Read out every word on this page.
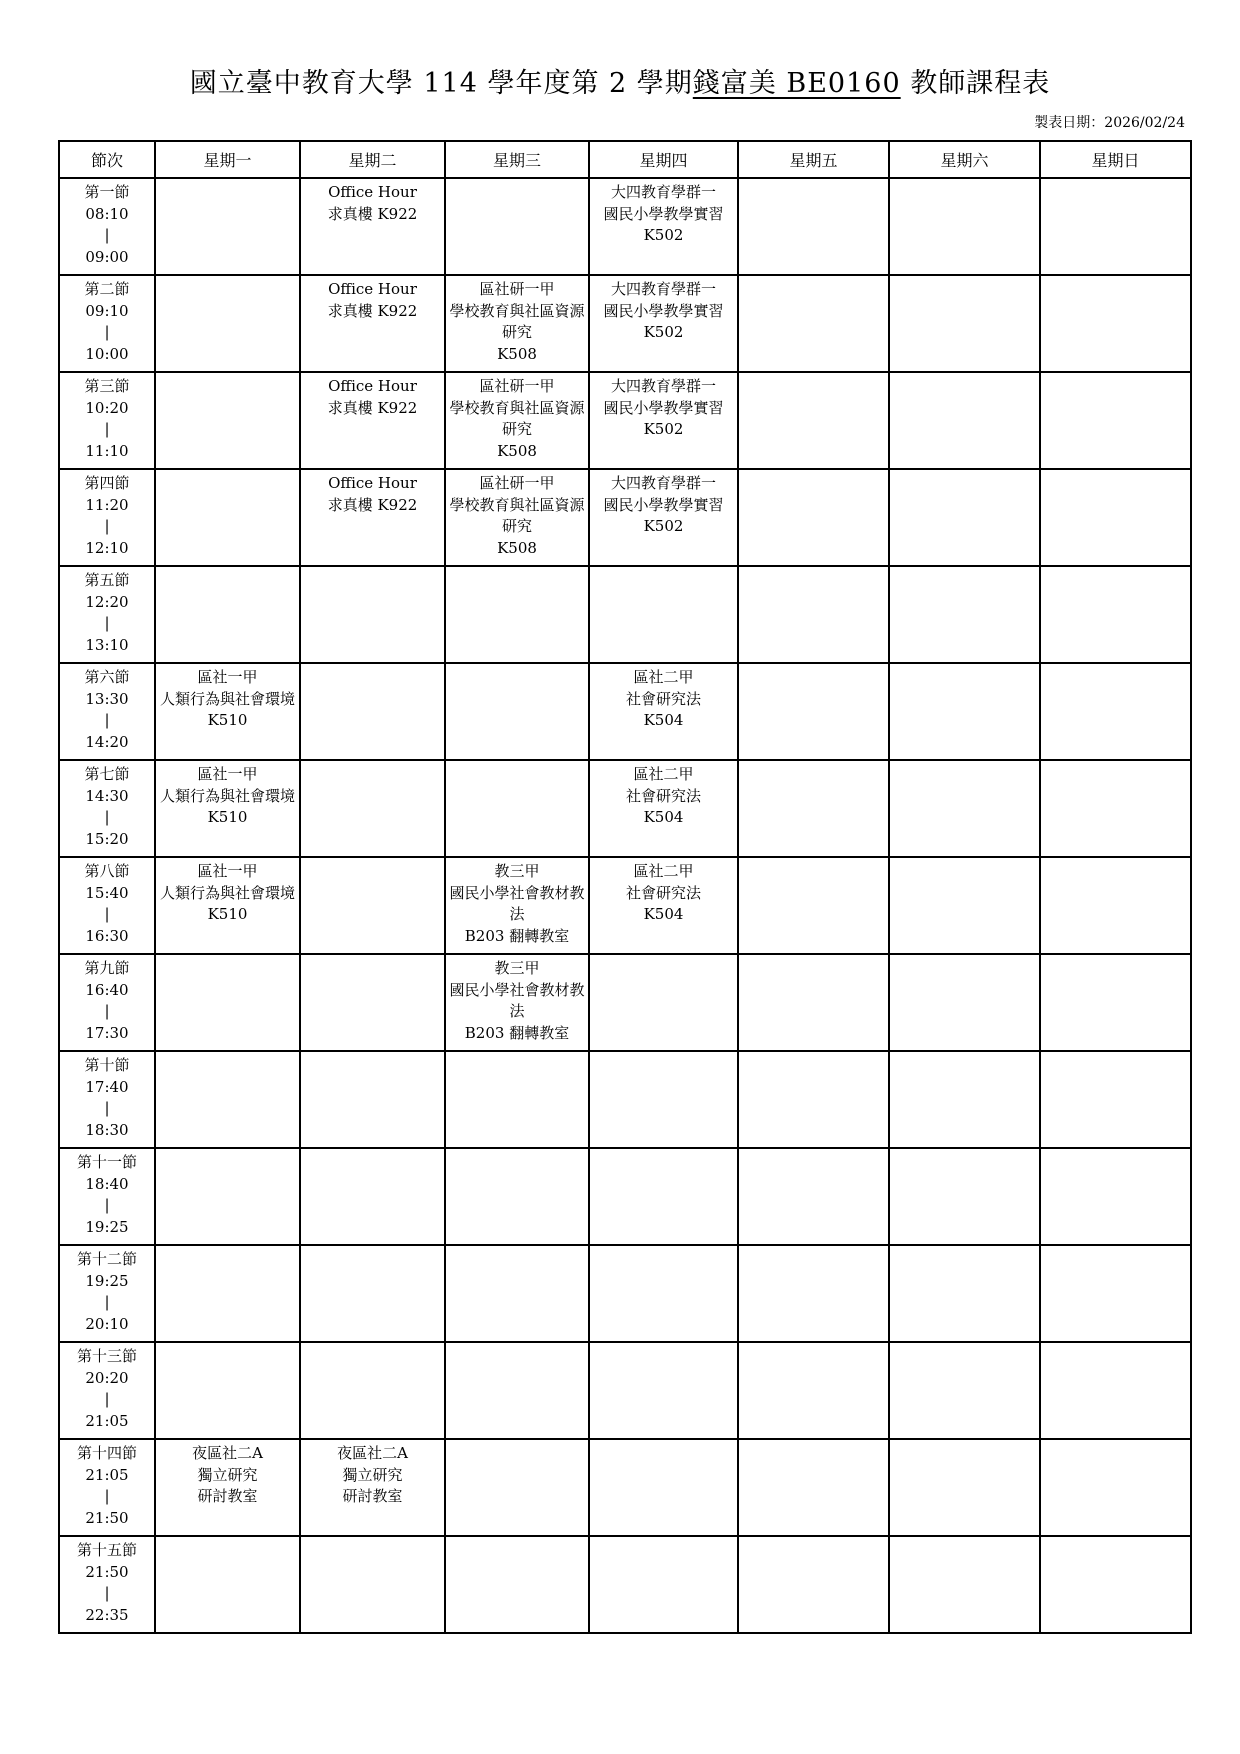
國立臺中教育大學 114 學年度第 2 學期錢富美 BE0160 教師課程表
製表日期：2026/02/24
節次	星期一	星期二	星期三	星期四	星期五	星期六	星期日

第一節
08:10
|
09:00		Office Hour
求真樓 K922		大四教育學群一
國民小學教學實習
K502			

第二節
09:10
|
10:00		Office Hour
求真樓 K922	區社研一甲
學校教育與社區資源研究
K508	大四教育學群一
國民小學教學實習
K502			

第三節
10:20
|
11:10		Office Hour
求真樓 K922	區社研一甲
學校教育與社區資源研究
K508	大四教育學群一
國民小學教學實習
K502			

第四節
11:20
|
12:10		Office Hour
求真樓 K922	區社研一甲
學校教育與社區資源研究
K508	大四教育學群一
國民小學教學實習
K502			

第五節
12:20
|
13:10							

第六節
13:30
|
14:20	區社一甲
人類行為與社會環境
K510			區社二甲
社會研究法
K504			

第七節
14:30
|
15:20	區社一甲
人類行為與社會環境
K510			區社二甲
社會研究法
K504			

第八節
15:40
|
16:30	區社一甲
人類行為與社會環境
K510		教三甲
國民小學社會教材教法
B203 翻轉教室	區社二甲
社會研究法
K504			

第九節
16:40
|
17:30			教三甲
國民小學社會教材教法
B203 翻轉教室				

第十節
17:40
|
18:30							

第十一節
18:40
|
19:25							

第十二節
19:25
|
20:10							

第十三節
20:20
|
21:05							

第十四節
21:05
|
21:50	夜區社二A
獨立研究
研討教室	夜區社二A
獨立研究
研討教室					

第十五節
21:50
|
22:35							
